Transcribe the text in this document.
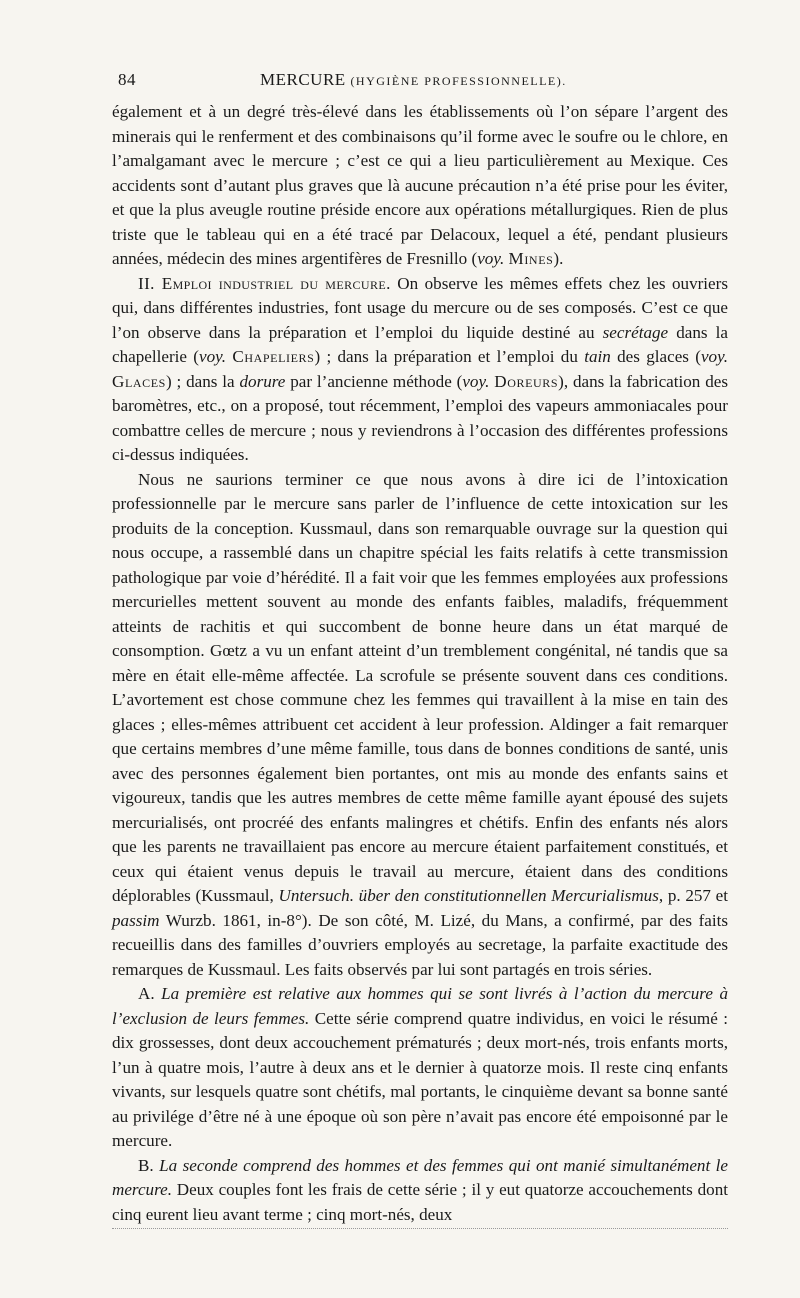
84	MERCURE (HYGIÈNE PROFESSIONNELLE).

également et à un degré très-élevé dans les établissements où l’on sépare l’argent des minerais qui le renferment et des combinaisons qu’il forme avec le soufre ou le chlore, en l’amalgamant avec le mercure ; c’est ce qui a lieu particulièrement au Mexique. Ces accidents sont d’autant plus graves que là aucune précaution n’a été prise pour les éviter, et que la plus aveugle routine préside encore aux opérations métallurgiques. Rien de plus triste que le tableau qui en a été tracé par Delacoux, lequel a été, pendant plusieurs années, médecin des mines argentifères de Fresnillo (voy. Mines).

II. Emploi industriel du mercure. On observe les mêmes effets chez les ouvriers qui, dans différentes industries, font usage du mercure ou de ses composés. C’est ce que l’on observe dans la préparation et l’emploi du liquide destiné au secrétage dans la chapellerie (voy. Chapeliers) ; dans la préparation et l’emploi du tain des glaces (voy. Glaces) ; dans la dorure par l’ancienne méthode (voy. Doreurs), dans la fabrication des baromètres, etc., on a proposé, tout récemment, l’emploi des vapeurs ammoniacales pour combattre celles de mercure ; nous y reviendrons à l’occasion des différentes professions ci-dessus indiquées.

Nous ne saurions terminer ce que nous avons à dire ici de l’intoxication professionnelle par le mercure sans parler de l’influence de cette intoxication sur les produits de la conception. Kussmaul, dans son remarquable ouvrage sur la question qui nous occupe, a rassemblé dans un chapitre spécial les faits relatifs à cette transmission pathologique par voie d’hérédité. Il a fait voir que les femmes employées aux professions mercurielles mettent souvent au monde des enfants faibles, maladifs, fréquemment atteints de rachitis et qui succombent de bonne heure dans un état marqué de consomption. Gœtz a vu un enfant atteint d’un tremblement congénital, né tandis que sa mère en était elle-même affectée. La scrofule se présente souvent dans ces conditions. L’avortement est chose commune chez les femmes qui travaillent à la mise en tain des glaces ; elles-mêmes attribuent cet accident à leur profession. Aldinger a fait remarquer que certains membres d’une même famille, tous dans de bonnes conditions de santé, unis avec des personnes également bien portantes, ont mis au monde des enfants sains et vigoureux, tandis que les autres membres de cette même famille ayant épousé des sujets mercurialisés, ont procréé des enfants malingres et chétifs. Enfin des enfants nés alors que les parents ne travaillaient pas encore au mercure étaient parfaitement constitués, et ceux qui étaient venus depuis le travail au mercure, étaient dans des conditions déplorables (Kussmaul, Untersuch. über den constitutionnellen Mercurialismus, p. 257 et passim Wurzb. 1861, in-8°). De son côté, M. Lizé, du Mans, a confirmé, par des faits recueillis dans des familles d’ouvriers employés au secretage, la parfaite exactitude des remarques de Kussmaul. Les faits observés par lui sont partagés en trois séries.

A. La première est relative aux hommes qui se sont livrés à l’action du mercure à l’exclusion de leurs femmes. Cette série comprend quatre individus, en voici le résumé : dix grossesses, dont deux accouchement prématurés ; deux mort-nés, trois enfants morts, l’un à quatre mois, l’autre à deux ans et le dernier à quatorze mois. Il reste cinq enfants vivants, sur lesquels quatre sont chétifs, mal portants, le cinquième devant sa bonne santé au privilége d’être né à une époque où son père n’avait pas encore été empoisonné par le mercure.

B. La seconde comprend des hommes et des femmes qui ont manié simultanément le mercure. Deux couples font les frais de cette série ; il y eut quatorze accouchements dont cinq eurent lieu avant terme ; cinq mort-nés, deux
